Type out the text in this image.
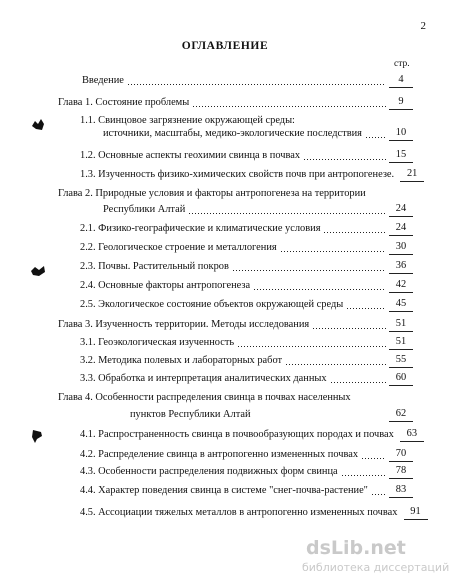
2
ОГЛАВЛЕНИЕ
стр.
Введение	4
Глава 1. Состояние проблемы	9
1.1. Свинцовое загрязнение окружающей среды:
источники, масштабы, медико-экологические последствия	10
1.2. Основные аспекты геохимии свинца в почвах	15
1.3. Изученность физико-химических свойств почв при антропогенезе.	21
Глава 2. Природные условия и факторы антропогенеза на территории
Республики Алтай	24
2.1. Физико-географические и климатические условия	24
2.2. Геологическое строение и металлогения	30
2.3. Почвы. Растительный покров	36
2.4. Основные факторы антропогенеза	42
2.5. Экологическое состояние объектов окружающей среды	45
Глава 3. Изученность территории. Методы исследования	51
3.1. Геоэкологическая изученность	51
3.2. Методика полевых и лабораторных работ	55
3.3. Обработка и интерпретация аналитических данных	60
Глава 4. Особенности распределения свинца в почвах населенных
пунктов Республики Алтай	62
4.1. Распространенность свинца в почвообразующих породах и почвах	63
4.2. Распределение свинца в антропогенно измененных почвах	70
4.3. Особенности распределения подвижных форм свинца	78
4.4. Характер поведения свинца в системе "снег-почва-растение"	83
4.5. Ассоциации тяжелых металлов в антропогенно измененных почвах	91
dsLib.net
библиотека диссертаций
